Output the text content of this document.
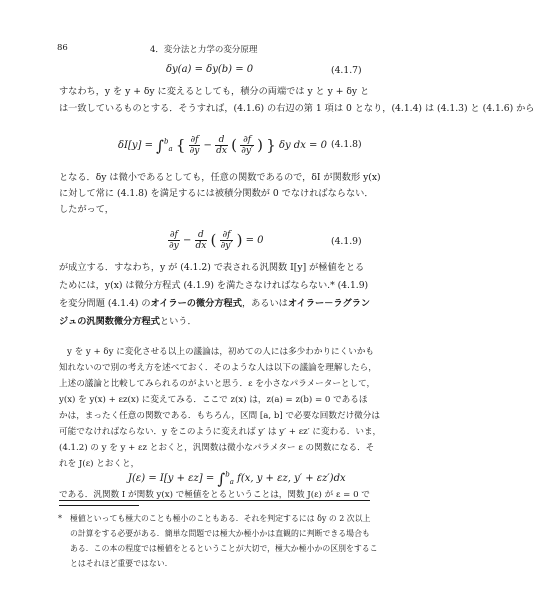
86	4．変分法と力学の変分原理
δy(a) = δy(b) = 0	(4.1.7)
すなわち，y を y + δy に変えるとしても，積分の両端では y と y + δy と
は一致しているものとする．そうすれば，(4.1.6) の右辺の第 1 項は 0 となり，(4.1.4) は (4.1.3) と (4.1.6) から
δI[y] = ∫$^b_a$ { $\frac{\partial f}{\partial y} - \frac{d}{dx}$ ( $\frac{\partial f}{\partial y'}$ ) } δy dx = 0 (4.1.8)
となる．δy は微小であるとしても，任意の関数であるので，δI が関数形 y(x)
に対して常に (4.1.8) を満足するには被積分関数が 0 でなければならない．
したがって，
$\frac{\partial f}{\partial y} - \frac{d}{dx}$ ( $\frac{\partial f}{\partial y'}$ ) = 0	(4.1.9)
が成立する．すなわち，y が (4.1.2) で表される汎関数 I[y] が極値をとる
ためには，y(x) は微分方程式 (4.1.9) を満たさなければならない.* (4.1.9)
を変分問題 (4.1.4) のオイラーの微分方程式，あるいはオイラー－ラグラン
ジュの汎関数微分方程式という．
y を y + δy に変化させる以上の議論は，初めての人には多少わかりにくいかも
知れないので別の考え方を述べておく．そのような人は以下の議論を理解したら，
上述の議論と比較してみられるのがよいと思う．ε を小さなパラメーターとして，
y(x) を y(x) + εz(x) に変えてみる．ここで z(x) は，z(a) = z(b) = 0 であるほ
かは，まったく任意の関数である．もちろん，区間 [a, b] で必要な回数だけ微分は
可能でなければならない．y をこのように変えれば y′ は y′ + εz′ に変わる．いま，
(4.1.2) の y を y + εz とおくと，汎関数は微小なパラメター ε の関数になる．そ
れを J(ε) とおくと，
J(ε) = I[y + εz] = ∫$^b_a$ f(x, y + εz, y′ + εz′)dx
である．汎関数 I が関数 y(x) で極値をとるということは，関数 J(ε) が ε = 0 で
* 極値といっても極大のことも極小のこともある．それを判定するには δy の 2 次以上
の計算をする必要がある．簡単な問題では極大か極小かは直観的に判断できる場合も
ある．この本の程度では極値をとるということが大切で，極大か極小かの区別をするこ
とはそれほど重要ではない．
